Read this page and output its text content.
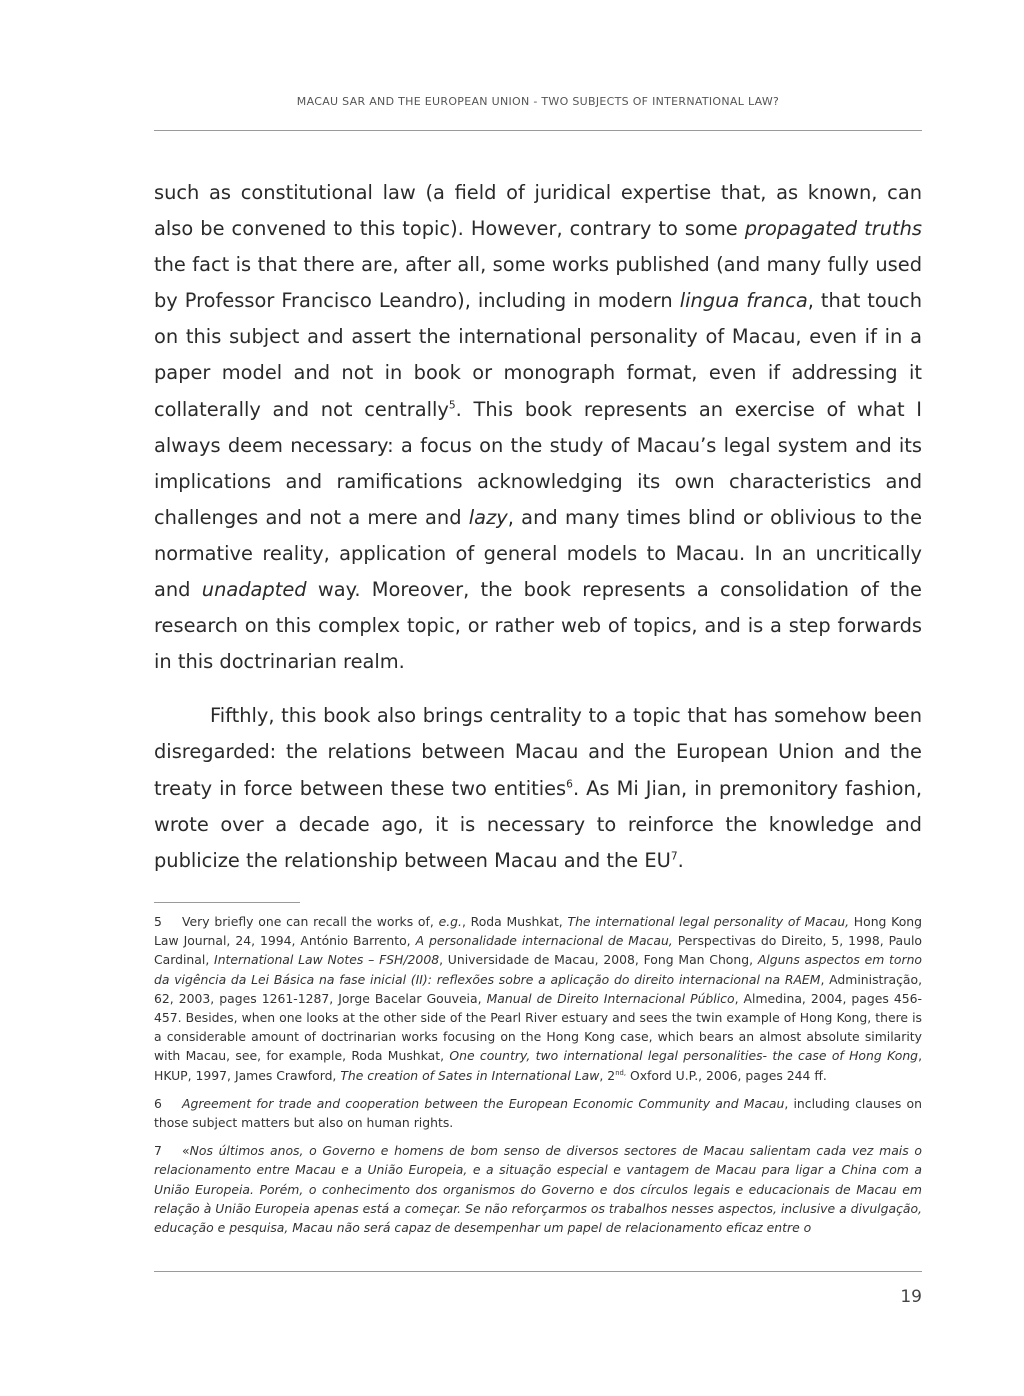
MACAU SAR AND THE EUROPEAN UNION - TWO SUBJECTS OF INTERNATIONAL LAW?

such as constitutional law (a field of juridical expertise that, as known, can also be convened to this topic). However, contrary to some propagated truths the fact is that there are, after all, some works published (and many fully used by Professor Francisco Leandro), including in modern lingua franca, that touch on this subject and assert the international personality of Macau, even if in a paper model and not in book or monograph format, even if addressing it collaterally and not centrally$^5$. This book represents an exercise of what I always deem necessary: a focus on the study of Macau’s legal system and its implications and ramifications acknowledging its own characteristics and challenges and not a mere and lazy, and many times blind or oblivious to the normative reality, application of general models to Macau. In an uncritically and unadapted way. Moreover, the book represents a consolidation of the research on this complex topic, or rather web of topics, and is a step forwards in this doctrinarian realm.

Fifthly, this book also brings centrality to a topic that has somehow been disregarded: the relations between Macau and the European Union and the treaty in force between these two entities$^6$. As Mi Jian, in premonitory fashion, wrote over a decade ago, it is necessary to reinforce the knowledge and publicize the relationship between Macau and the $EU^7$.

5 Very briefly one can recall the works of, e.g., Roda Mushkat, The international legal personality of Macau, Hong Kong Law Journal, 24, 1994, António Barrento, A personalidade internacional de Macau, Perspectivas do Direito, 5, 1998, Paulo Cardinal, International Law Notes – FSH/2008, Universidade de Macau, 2008, Fong Man Chong, Alguns aspectos em torno da vigência da Lei Básica na fase inicial (II): reflexões sobre a aplicação do direito internacional na RAEM, Administração, 62, 2003, pages 1261-1287, Jorge Bacelar Gouveia, Manual de Direito Internacional Público, Almedina, 2004, pages 456-457. Besides, when one looks at the other side of the Pearl River estuary and sees the twin example of Hong Kong, there is a considerable amount of doctrinarian works focusing on the Hong Kong case, which bears an almost absolute similarity with Macau, see, for example, Roda Mushkat, One country, two international legal personalities- the case of Hong Kong, HKUP, 1997, James Crawford, The creation of Sates in International Law, $2^{nd,}$ Oxford U.P., 2006, pages 244 ff.

6 Agreement for trade and cooperation between the European Economic Community and Macau, including clauses on those subject matters but also on human rights.

7 «Nos últimos anos, o Governo e homens de bom senso de diversos sectores de Macau salientam cada vez mais o relacionamento entre Macau e a União Europeia, e a situação especial e vantagem de Macau para ligar a China com a União Europeia. Porém, o conhecimento dos organismos do Governo e dos círculos legais e educacionais de Macau em relação à União Europeia apenas está a começar. Se não reforçarmos os trabalhos nesses aspectos, inclusive a divulgação, educação e pesquisa, Macau não será capaz de desempenhar um papel de relacionamento eficaz entre o

19
